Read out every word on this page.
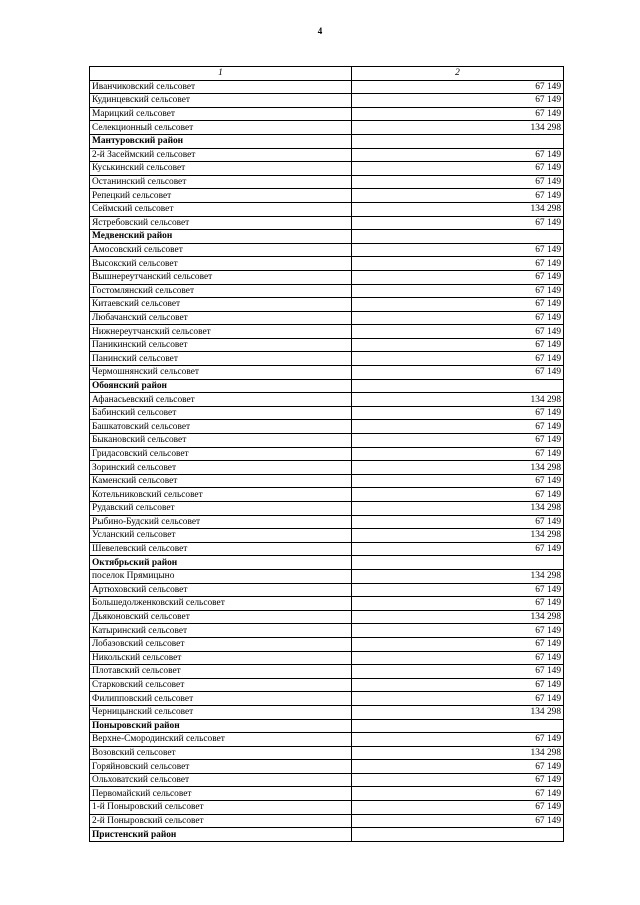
4
1	2
Иванчиковский сельсовет	67 149
Кудинцевский сельсовет	67 149
Марицкий сельсовет	67 149
Селекционный сельсовет	134 298
Мантуровский район	
2-й Засеймский сельсовет	67 149
Куськинский сельсовет	67 149
Останинский сельсовет	67 149
Репецкий сельсовет	67 149
Сеймский сельсовет	134 298
Ястребовский сельсовет	67 149
Медвенский район	
Амосовский сельсовет	67 149
Высокский сельсовет	67 149
Вышнереутчанский сельсовет	67 149
Гостомлянский сельсовет	67 149
Китаевский сельсовет	67 149
Любачанский сельсовет	67 149
Нижнереутчанский сельсовет	67 149
Паникинский сельсовет	67 149
Панинский сельсовет	67 149
Чермошнянский сельсовет	67 149
Обоянский район	
Афанасьевский сельсовет	134 298
Бабинский сельсовет	67 149
Башкатовский сельсовет	67 149
Быкановский сельсовет	67 149
Гридасовский сельсовет	67 149
Зоринский сельсовет	134 298
Каменский сельсовет	67 149
Котельниковский сельсовет	67 149
Рудавский сельсовет	134 298
Рыбино-Будский сельсовет	67 149
Усланский сельсовет	134 298
Шевелевский сельсовет	67 149
Октябрьский район	
поселок Прямицыно	134 298
Артюховский сельсовет	67 149
Большедолженковский сельсовет	67 149
Дьяконовский сельсовет	134 298
Катыринский сельсовет	67 149
Лобазовский сельсовет	67 149
Никольский сельсовет	67 149
Плотавский сельсовет	67 149
Старковский сельсовет	67 149
Филипповский сельсовет	67 149
Черницынский сельсовет	134 298
Поныровский район	
Верхне-Смородинский сельсовет	67 149
Возовский сельсовет	134 298
Горяйновский сельсовет	67 149
Ольховатский сельсовет	67 149
Первомайский сельсовет	67 149
1-й Поныровский сельсовет	67 149
2-й Поныровский сельсовет	67 149
Пристенский район	
